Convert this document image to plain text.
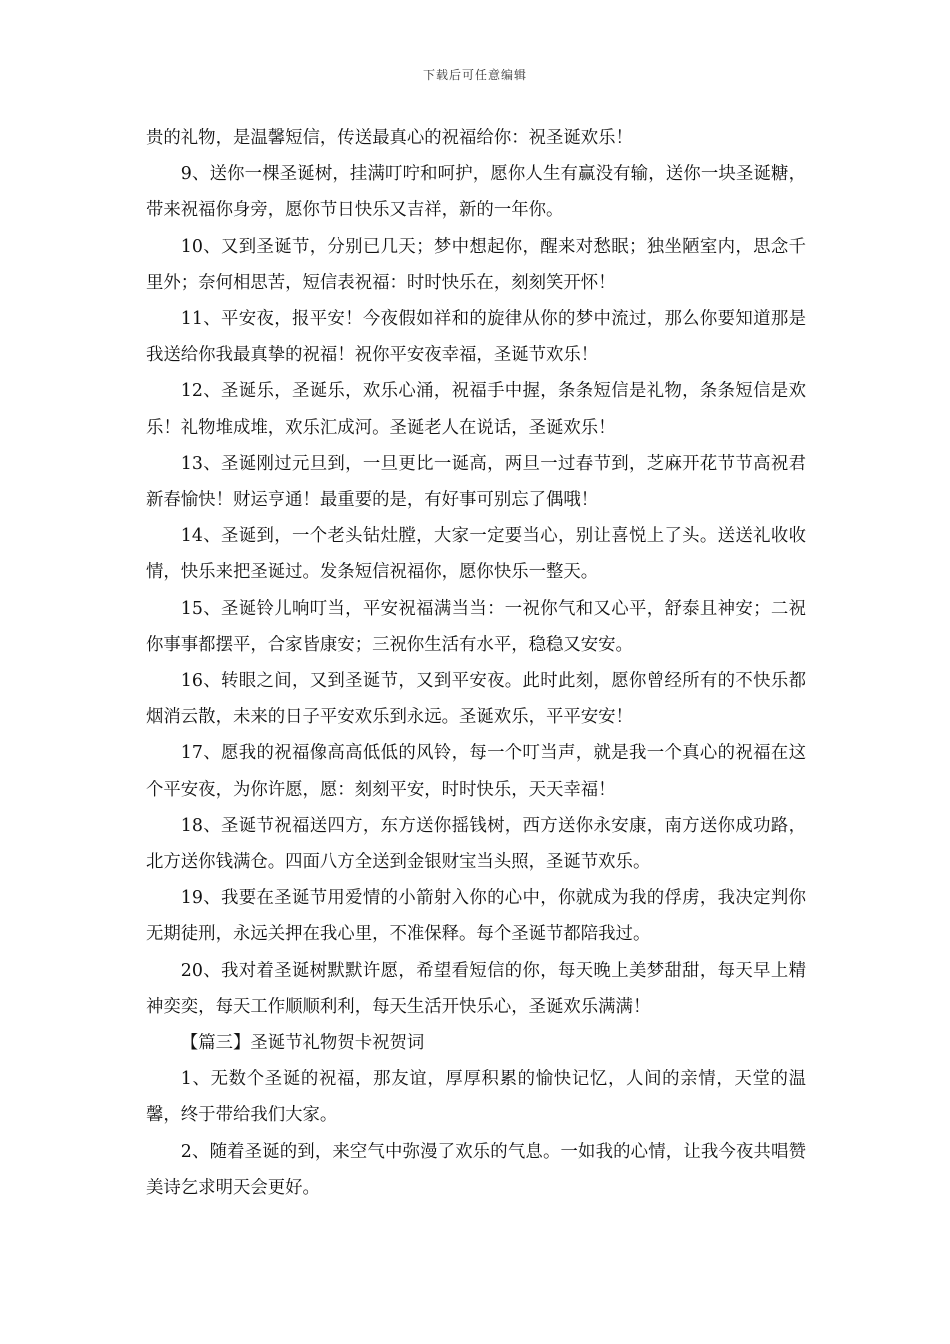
下载后可任意编辑

贵的礼物，是温馨短信，传送最真心的祝福给你：祝圣诞欢乐！

9、送你一棵圣诞树，挂满叮咛和呵护，愿你人生有赢没有输，送你一块圣诞糖，带来祝福你身旁，愿你节日快乐又吉祥，新的一年你。

10、又到圣诞节，分别已几天；梦中想起你，醒来对愁眠；独坐陋室内，思念千里外；奈何相思苦，短信表祝福：时时快乐在，刻刻笑开怀！

11、平安夜，报平安！今夜假如祥和的旋律从你的梦中流过，那么你要知道那是我送给你我最真挚的祝福！祝你平安夜幸福，圣诞节欢乐！

12、圣诞乐，圣诞乐，欢乐心涌，祝福手中握，条条短信是礼物，条条短信是欢乐！礼物堆成堆，欢乐汇成河。圣诞老人在说话，圣诞欢乐！

13、圣诞刚过元旦到，一旦更比一诞高，两旦一过春节到，芝麻开花节节高祝君新春愉快！财运亨通！最重要的是，有好事可别忘了偶哦！

14、圣诞到，一个老头钻灶膛，大家一定要当心，别让喜悦上了头。送送礼收收情，快乐来把圣诞过。发条短信祝福你，愿你快乐一整天。

15、圣诞铃儿响叮当，平安祝福满当当：一祝你气和又心平，舒泰且神安；二祝你事事都摆平，合家皆康安；三祝你生活有水平，稳稳又安安。

16、转眼之间，又到圣诞节，又到平安夜。此时此刻，愿你曾经所有的不快乐都烟消云散，未来的日子平安欢乐到永远。圣诞欢乐，平平安安！

17、愿我的祝福像高高低低的风铃，每一个叮当声，就是我一个真心的祝福在这个平安夜，为你许愿，愿：刻刻平安，时时快乐，天天幸福！

18、圣诞节祝福送四方，东方送你摇钱树，西方送你永安康，南方送你成功路，北方送你钱满仓。四面八方全送到金银财宝当头照，圣诞节欢乐。

19、我要在圣诞节用爱情的小箭射入你的心中，你就成为我的俘虏，我决定判你无期徒刑，永远关押在我心里，不准保释。每个圣诞节都陪我过。

20、我对着圣诞树默默许愿，希望看短信的你，每天晚上美梦甜甜，每天早上精神奕奕，每天工作顺顺利利，每天生活开快乐心，圣诞欢乐满满！

【篇三】圣诞节礼物贺卡祝贺词

1、无数个圣诞的祝福，那友谊，厚厚积累的愉快记忆，人间的亲情，天堂的温馨，终于带给我们大家。

2、随着圣诞的到，来空气中弥漫了欢乐的气息。一如我的心情，让我今夜共唱赞美诗乞求明天会更好。
